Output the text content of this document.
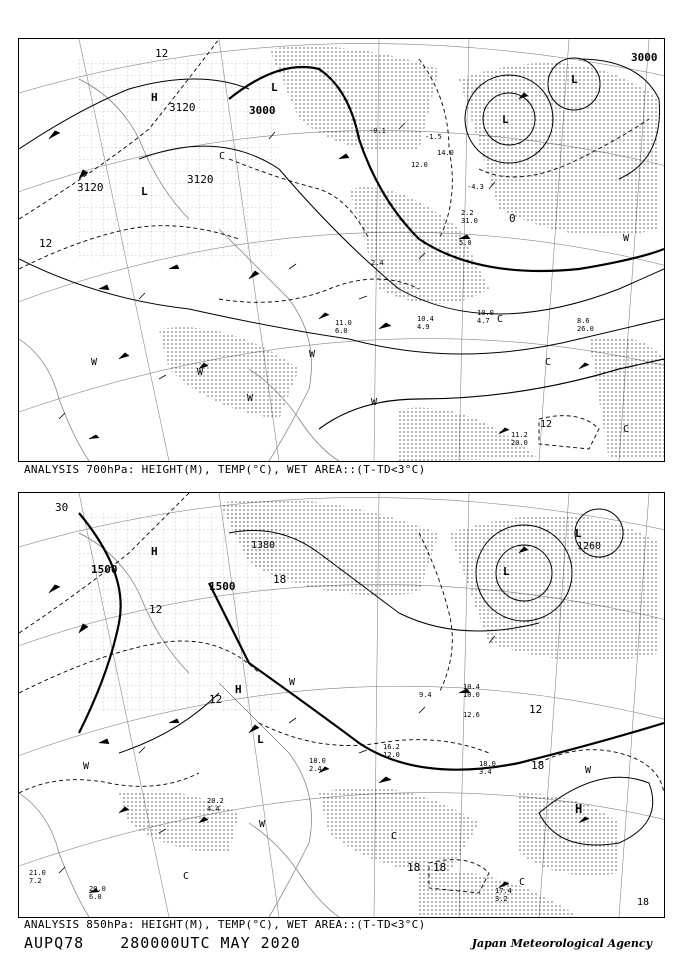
3000
3000
3120
3120
3120
12
12
0
W
W
W
W
W
C
C
C
12
W
C
H
L
L
L
L
11.2
20.0
8.6
26.0
10.0
4.7
10.4
4.9
11.0
6.0
12.0
-1.5
-4.3
5.0
2.2
31.0
-0.1
14.0
2.4
ANALYSIS 700hPa: HEIGHT(M), TEMP(°C), WET AREA::(T-TD<3°C)
1500
1500
1380	1260
30
12
18
12
18
12
18
18
C
C
C
W
W
W	W
18
H
H
L
L
H
L
20.2
4.4
18.0
3.4
17.4
3.2
21.0
7.2
20.0
6.0
10.4
10.0
16.2
12.0
18.0
2.4
12.6
9.4
ANALYSIS 850hPa: HEIGHT(M), TEMP(°C), WET AREA::(T-TD<3°C)
AUPQ78 280000UTC MAY 2020	Japan Meteorological Agency
